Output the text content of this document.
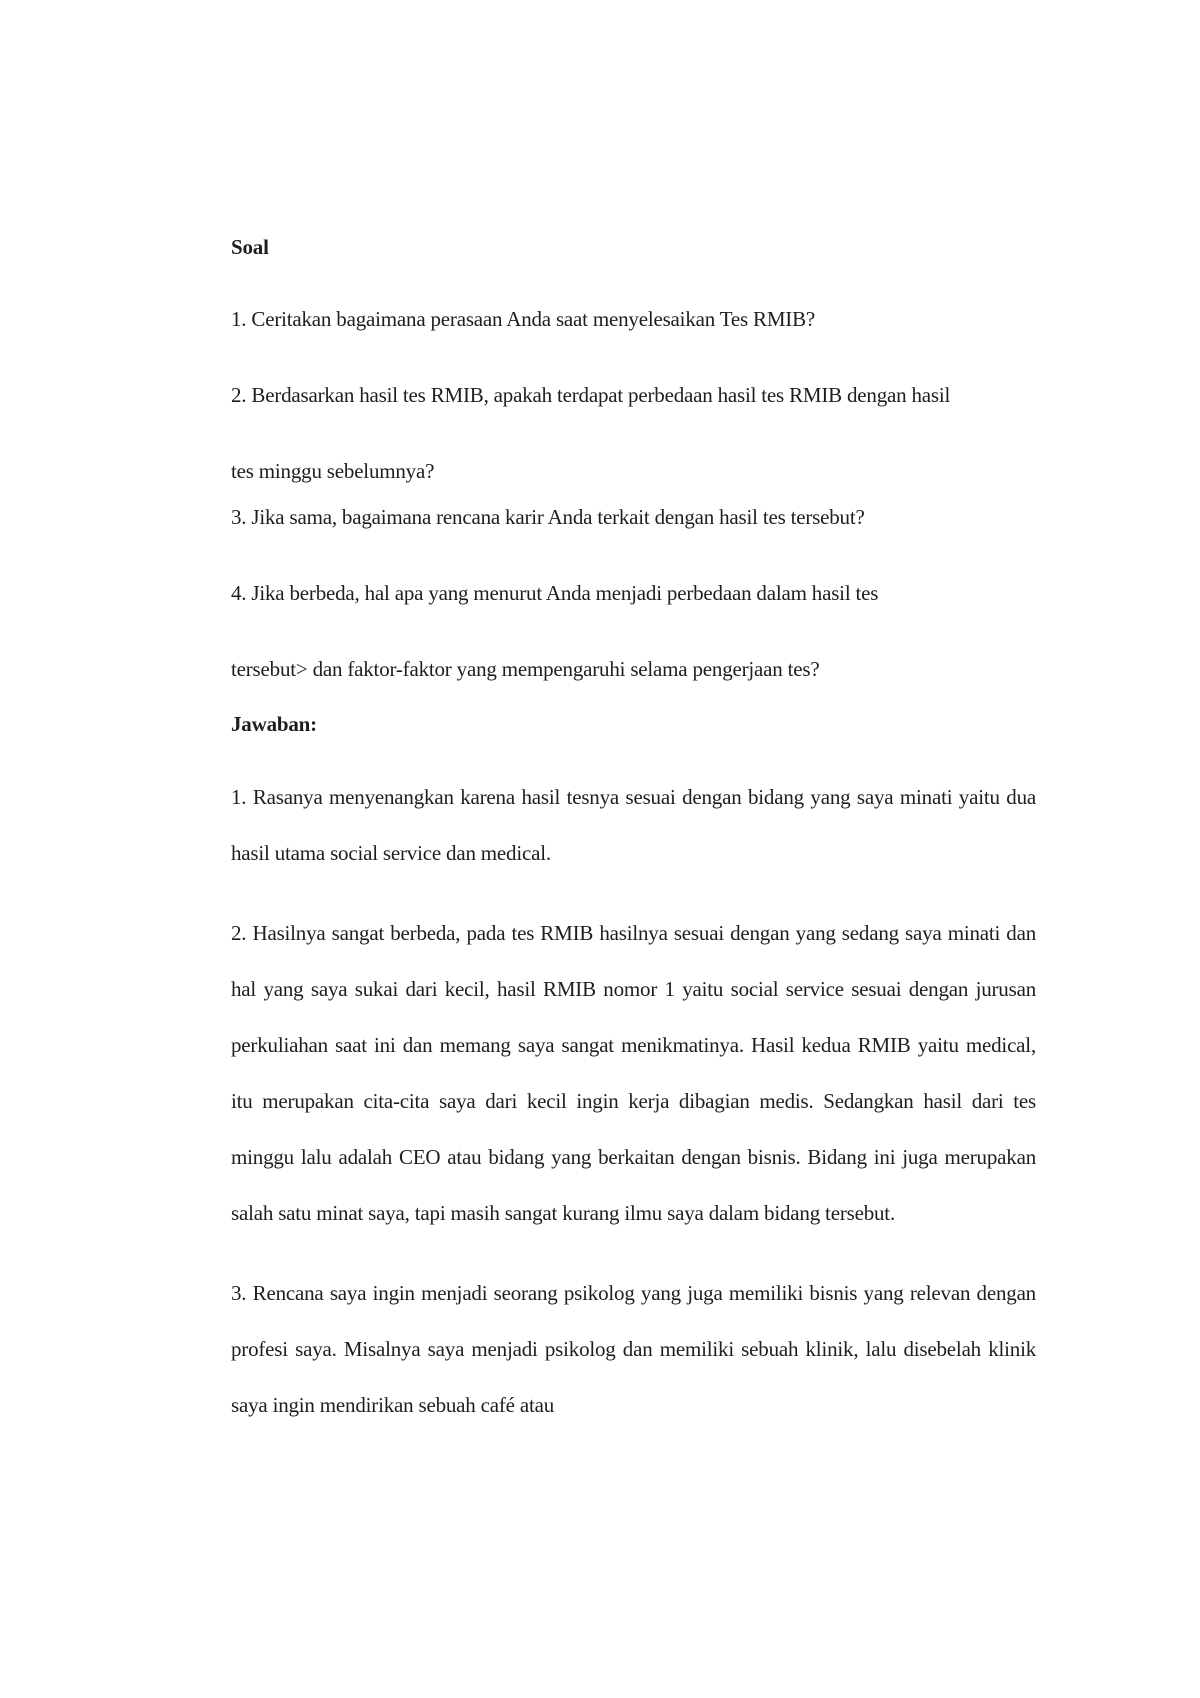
Soal
1. Ceritakan bagaimana perasaan Anda saat menyelesaikan Tes RMIB?
2. Berdasarkan hasil tes RMIB, apakah terdapat perbedaan hasil tes RMIB dengan hasil tes minggu sebelumnya?
3. Jika sama, bagaimana rencana karir Anda terkait dengan hasil tes tersebut?
4. Jika berbeda, hal apa yang menurut Anda menjadi perbedaan dalam hasil tes tersebut> dan faktor-faktor yang mempengaruhi selama pengerjaan tes?
Jawaban:
1. Rasanya menyenangkan karena hasil tesnya sesuai dengan bidang yang saya minati yaitu dua hasil utama social service dan medical.
2. Hasilnya sangat berbeda, pada tes RMIB hasilnya sesuai dengan yang sedang saya minati dan hal yang saya sukai dari kecil, hasil RMIB nomor 1 yaitu social service sesuai dengan jurusan perkuliahan saat ini dan memang saya sangat menikmatinya. Hasil kedua RMIB yaitu medical, itu merupakan cita-cita saya dari kecil ingin kerja dibagian medis. Sedangkan hasil dari tes minggu lalu adalah CEO atau bidang yang berkaitan dengan bisnis. Bidang ini juga merupakan salah satu minat saya, tapi masih sangat kurang ilmu saya dalam bidang tersebut.
3. Rencana saya ingin menjadi seorang psikolog yang juga memiliki bisnis yang relevan dengan profesi saya. Misalnya saya menjadi psikolog dan memiliki sebuah klinik, lalu disebelah klinik saya ingin mendirikan sebuah café atau
